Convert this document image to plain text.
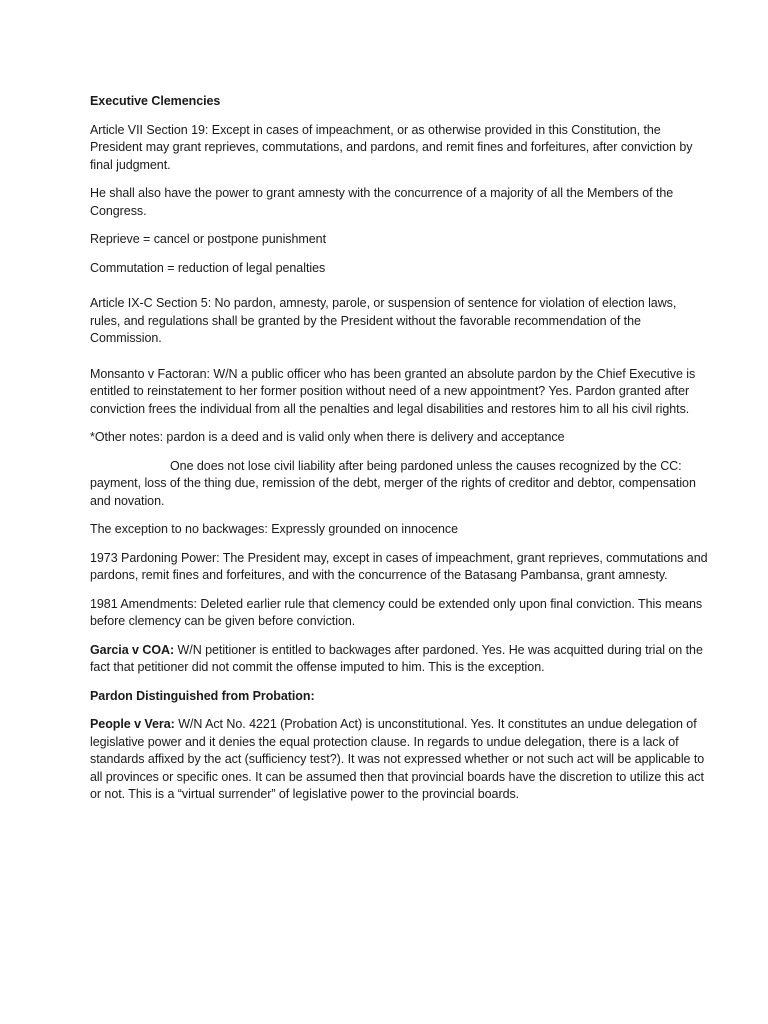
Executive Clemencies

Article VII Section 19: Except in cases of impeachment, or as otherwise provided in this Constitution, the President may grant reprieves, commutations, and pardons, and remit fines and forfeitures, after conviction by final judgment.

He shall also have the power to grant amnesty with the concurrence of a majority of all the Members of the Congress.

Reprieve = cancel or postpone punishment

Commutation = reduction of legal penalties

Article IX-C Section 5: No pardon, amnesty, parole, or suspension of sentence for violation of election laws, rules, and regulations shall be granted by the President without the favorable recommendation of the Commission.

Monsanto v Factoran: W/N a public officer who has been granted an absolute pardon by the Chief Executive is entitled to reinstatement to her former position without need of a new appointment? Yes. Pardon granted after conviction frees the individual from all the penalties and legal disabilities and restores him to all his civil rights.

*Other notes: pardon is a deed and is valid only when there is delivery and acceptance

One does not lose civil liability after being pardoned unless the causes recognized by the CC: payment, loss of the thing due, remission of the debt, merger of the rights of creditor and debtor, compensation and novation.

The exception to no backwages: Expressly grounded on innocence

1973 Pardoning Power: The President may, except in cases of impeachment, grant reprieves, commutations and pardons, remit fines and forfeitures, and with the concurrence of the Batasang Pambansa, grant amnesty.

1981 Amendments: Deleted earlier rule that clemency could be extended only upon final conviction. This means before clemency can be given before conviction.

Garcia v COA: W/N petitioner is entitled to backwages after pardoned. Yes. He was acquitted during trial on the fact that petitioner did not commit the offense imputed to him. This is the exception.

Pardon Distinguished from Probation:

People v Vera: W/N Act No. 4221 (Probation Act) is unconstitutional. Yes. It constitutes an undue delegation of legislative power and it denies the equal protection clause. In regards to undue delegation, there is a lack of standards affixed by the act (sufficiency test?). It was not expressed whether or not such act will be applicable to all provinces or specific ones. It can be assumed then that provincial boards have the discretion to utilize this act or not. This is a “virtual surrender” of legislative power to the provincial boards.
